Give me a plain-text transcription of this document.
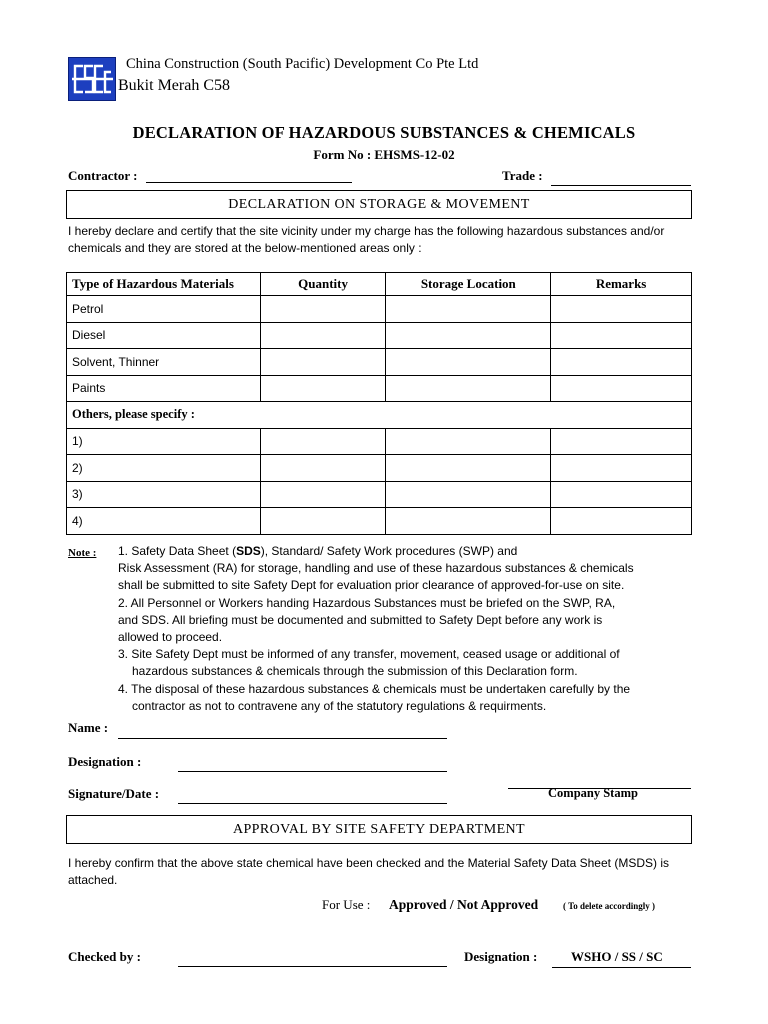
China Construction (South Pacific) Development Co Pte Ltd
Bukit Merah C58
DECLARATION OF HAZARDOUS SUBSTANCES & CHEMICALS
Form No : EHSMS-12-02
Contractor :	Trade :
DECLARATION ON STORAGE & MOVEMENT
I hereby declare and certify that the site vicinity under my charge has the following hazardous substances and/or chemicals and they are stored at the below-mentioned areas only :
Type of Hazardous Materials	Quantity	Storage Location	Remarks
Petrol			
Diesel			
Solvent, Thinner			
Paints			
Others, please specify :			
1)			
2)			
3)			
4)			
Note : 1. Safety Data Sheet (SDS), Standard/ Safety Work procedures (SWP) and
Risk Assessment (RA) for storage, handling and use of these hazardous substances & chemicals
shall be submitted to site Safety Dept for evaluation prior clearance of approved-for-use on site.
2. All Personnel or Workers handing Hazardous Substances must be briefed on the SWP, RA,
and SDS. All briefing must be documented and submitted to Safety Dept before any work is
allowed to proceed.
3. Site Safety Dept must be informed of any transfer, movement, ceased usage or additional of
hazardous substances & chemicals through the submission of this Declaration form.
4. The disposal of these hazardous substances & chemicals must be undertaken carefully by the
contractor as not to contravene any of the statutory regulations & requirments.
Name :
Designation :
Signature/Date :	Company Stamp
APPROVAL BY SITE SAFETY DEPARTMENT
I hereby confirm that the above state chemical have been checked and the Material Safety Data Sheet (MSDS) is attached.
For Use : Approved / Not Approved	( To delete accordingly )
Checked by :	Designation :	WSHO / SS / SC
